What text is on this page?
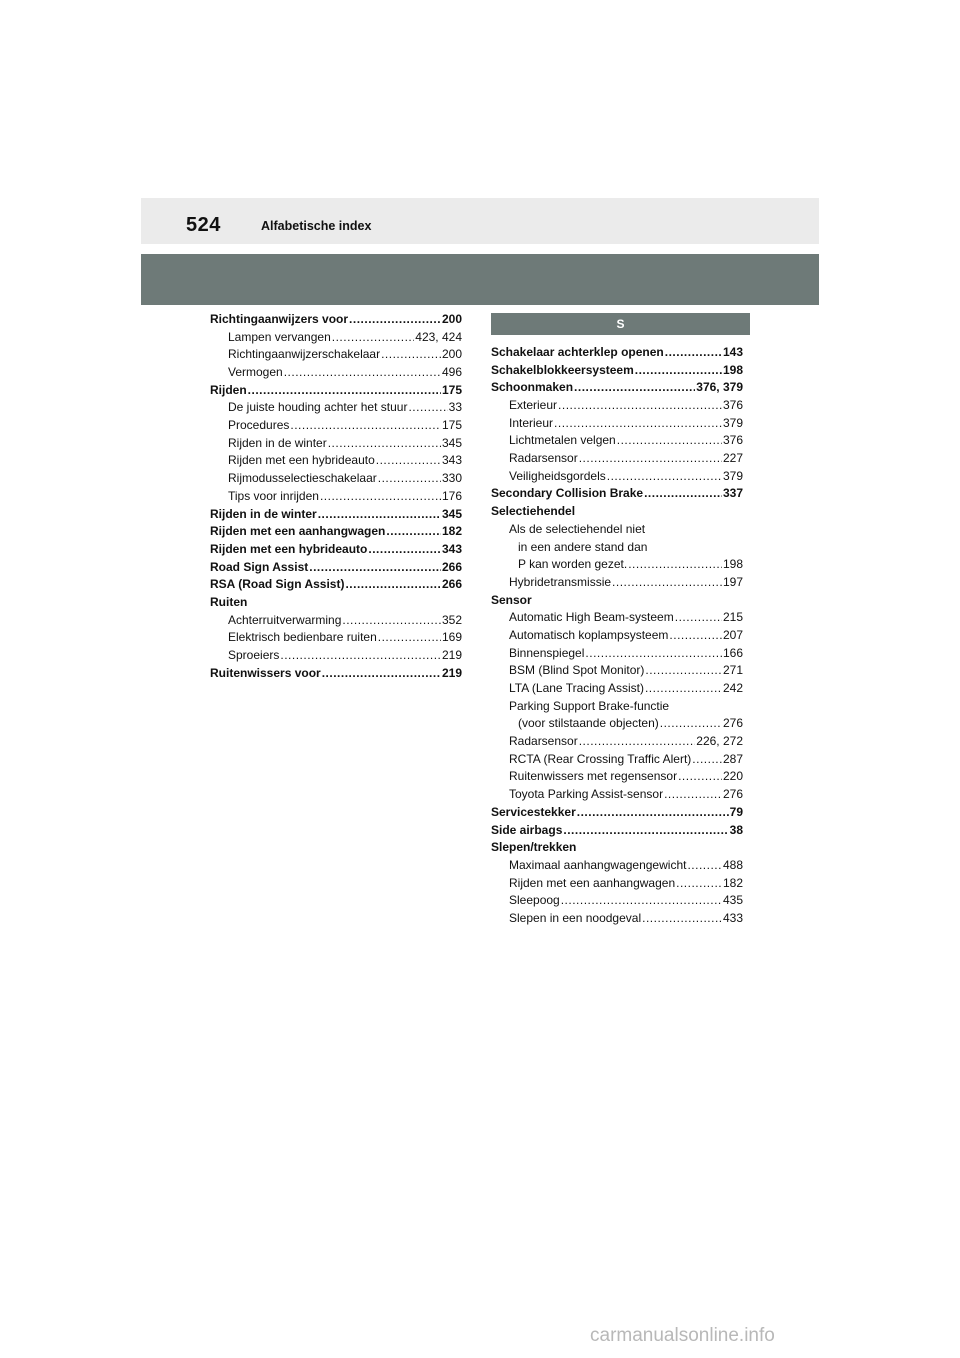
524	Alfabetische index
Richtingaanwijzers voor .....	200
Lampen vervangen .....	423, 424
Richtingaanwijzerschakelaar .....	200
Vermogen .....	496
Rijden .....	175
De juiste houding achter het stuur .....	33
Procedures .....	175
Rijden in de winter .....	345
Rijden met een hybrideauto .....	343
Rijmodusselectieschakelaar .....	330
Tips voor inrijden .....	176
Rijden in de winter .....	345
Rijden met een aanhangwagen .....	182
Rijden met een hybrideauto .....	343
Road Sign Assist .....	266
RSA (Road Sign Assist) .....	266
Ruiten
Achterruitverwarming .....	352
Elektrisch bedienbare ruiten .....	169
Sproeiers .....	219
Ruitenwissers voor .....	219
S
Schakelaar achterklep openen .....	143
Schakelblokkeersysteem .....	198
Schoonmaken .....	376, 379
Exterieur .....	376
Interieur .....	379
Lichtmetalen velgen .....	376
Radarsensor .....	227
Veiligheidsgordels .....	379
Secondary Collision Brake .....	337
Selectiehendel
Als de selectiehendel niet
in een andere stand dan
P kan worden gezet. .....	198
Hybridetransmissie .....	197
Sensor
Automatic High Beam-systeem .....	215
Automatisch koplampsysteem .....	207
Binnenspiegel .....	166
BSM (Blind Spot Monitor) .....	271
LTA (Lane Tracing Assist) .....	242
Parking Support Brake-functie
(voor stilstaande objecten) .....	276
Radarsensor .....	226, 272
RCTA (Rear Crossing Traffic Alert) .....	287
Ruitenwissers met regensensor .....	220
Toyota Parking Assist-sensor .....	276
Servicestekker .....	79
Side airbags .....	38
Slepen/trekken
Maximaal aanhangwagengewicht .....	488
Rijden met een aanhangwagen .....	182
Sleepoog .....	435
Slepen in een noodgeval .....	433
carmanualsonline.info
